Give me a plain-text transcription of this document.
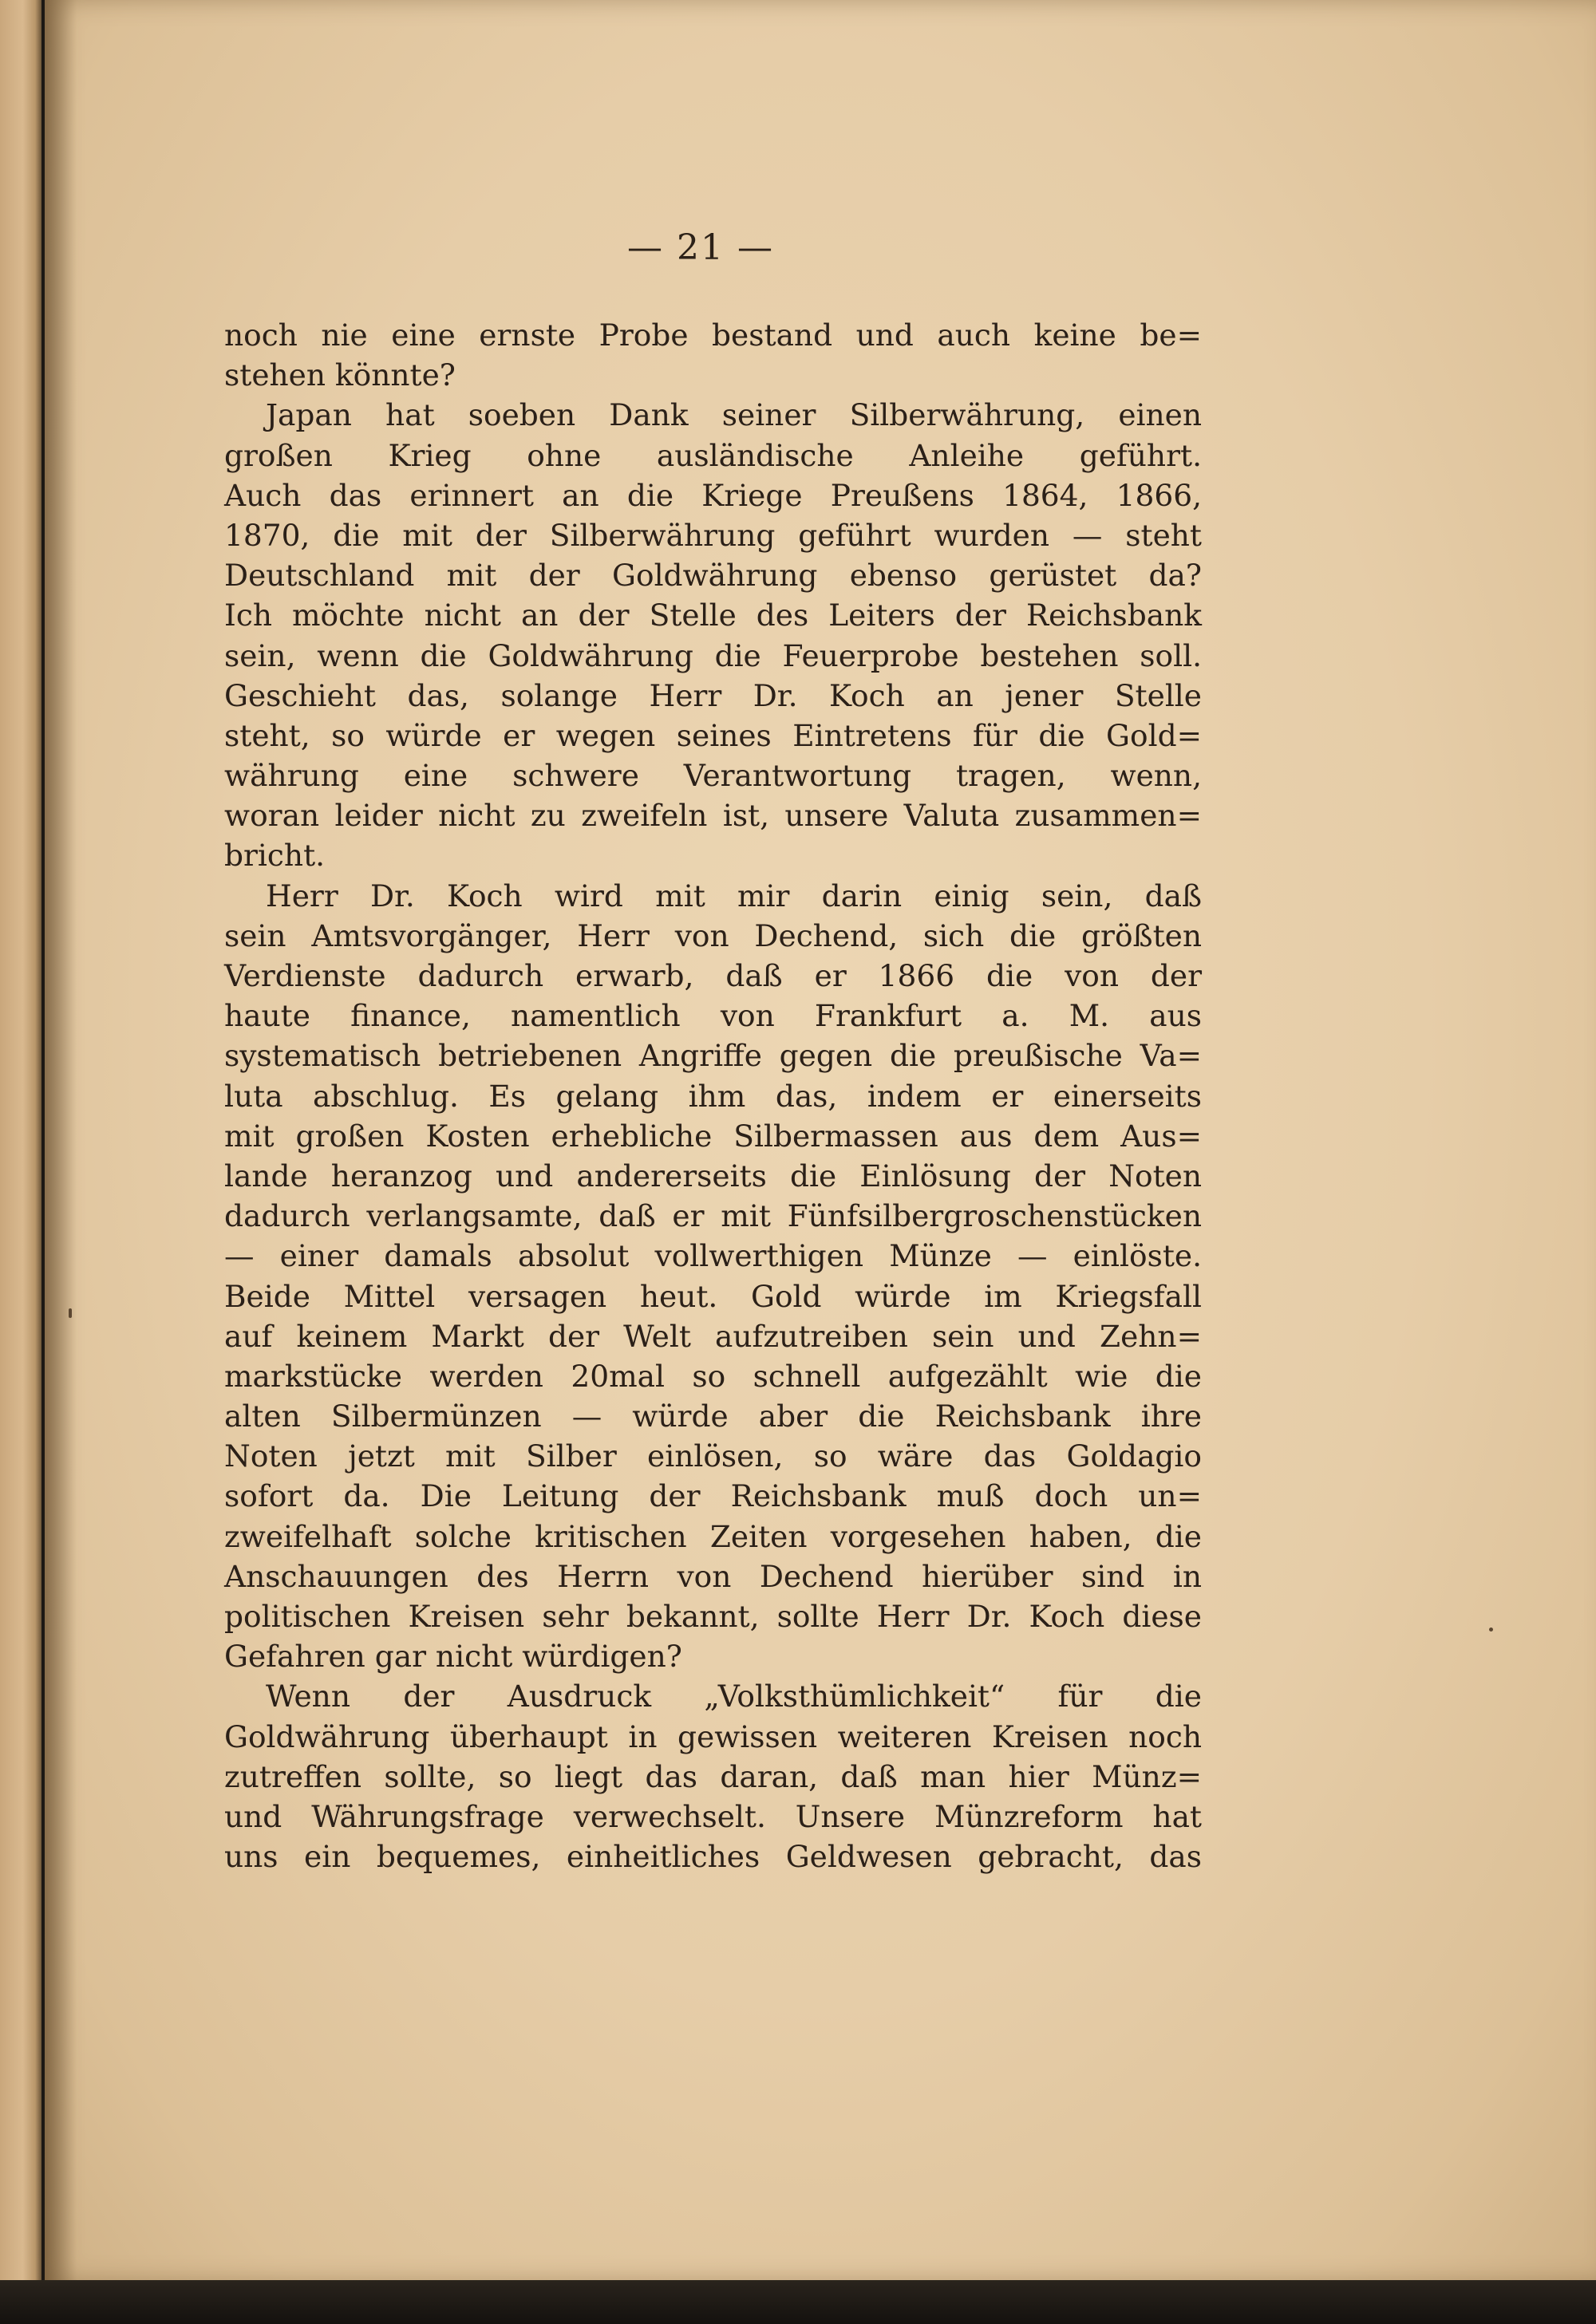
— 21 —
noch nie eine ernste Probe bestand und auch keine be=
stehen könnte?
Japan hat soeben Dank seiner Silberwährung, einen
großen Krieg ohne ausländische Anleihe geführt.
Auch das erinnert an die Kriege Preußens 1864, 1866,
1870, die mit der Silberwährung geführt wurden — steht
Deutschland mit der Goldwährung ebenso gerüstet da?
Ich möchte nicht an der Stelle des Leiters der Reichsbank
sein, wenn die Goldwährung die Feuerprobe bestehen soll.
Geschieht das, solange Herr Dr. Koch an jener Stelle
steht, so würde er wegen seines Eintretens für die Gold=
währung eine schwere Verantwortung tragen, wenn,
woran leider nicht zu zweifeln ist, unsere Valuta zusammen=
bricht.
Herr Dr. Koch wird mit mir darin einig sein, daß
sein Amtsvorgänger, Herr von Dechend, sich die größten
Verdienste dadurch erwarb, daß er 1866 die von der
haute finance, namentlich von Frankfurt a. M. aus
systematisch betriebenen Angriffe gegen die preußische Va=
luta abschlug. Es gelang ihm das, indem er einerseits
mit großen Kosten erhebliche Silbermassen aus dem Aus=
lande heranzog und andererseits die Einlösung der Noten
dadurch verlangsamte, daß er mit Fünfsilbergroschenstücken
— einer damals absolut vollwerthigen Münze — einlöste.
Beide Mittel versagen heut. Gold würde im Kriegsfall
auf keinem Markt der Welt aufzutreiben sein und Zehn=
markstücke werden 20mal so schnell aufgezählt wie die
alten Silbermünzen — würde aber die Reichsbank ihre
Noten jetzt mit Silber einlösen, so wäre das Goldagio
sofort da. Die Leitung der Reichsbank muß doch un=
zweifelhaft solche kritischen Zeiten vorgesehen haben, die
Anschauungen des Herrn von Dechend hierüber sind in
politischen Kreisen sehr bekannt, sollte Herr Dr. Koch diese
Gefahren gar nicht würdigen?
Wenn der Ausdruck „Volksthümlichkeit“ für die
Goldwährung überhaupt in gewissen weiteren Kreisen noch
zutreffen sollte, so liegt das daran, daß man hier Münz=
und Währungsfrage verwechselt. Unsere Münzreform hat
uns ein bequemes, einheitliches Geldwesen gebracht, das
